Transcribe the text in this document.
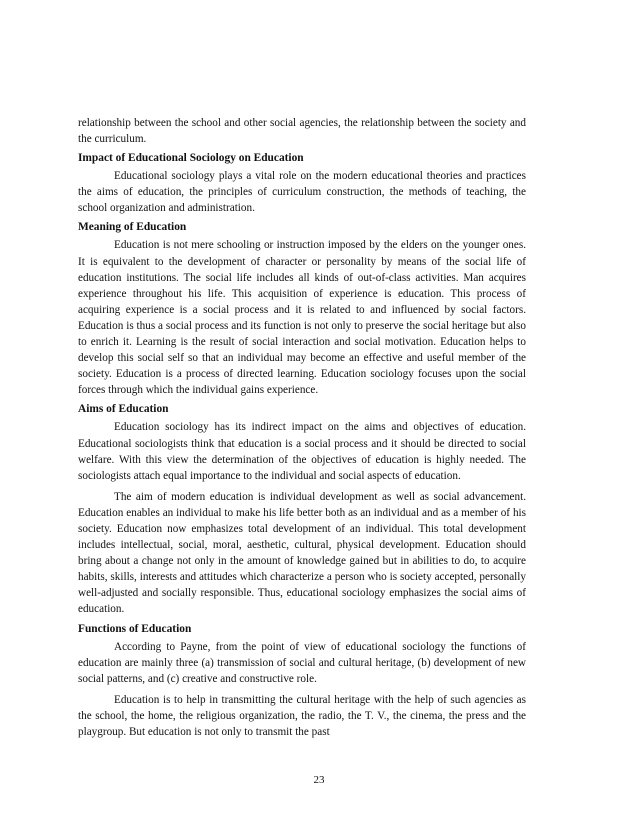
relationship between the school and other social agencies, the relationship between the society and the curriculum.

Impact of Educational Sociology on Education

Educational sociology plays a vital role on the modern educational theories and practices the aims of education, the principles of curriculum construction, the methods of teaching, the school organization and administration.

Meaning of Education

Education is not mere schooling or instruction imposed by the elders on the younger ones. It is equivalent to the development of character or personality by means of the social life of education institutions. The social life includes all kinds of out-of-class activities. Man acquires experience throughout his life. This acquisition of experience is education. This process of acquiring experience is a social process and it is related to and influenced by social factors. Education is thus a social process and its function is not only to preserve the social heritage but also to enrich it. Learning is the result of social interaction and social motivation. Education helps to develop this social self so that an individual may become an effective and useful member of the society. Education is a process of directed learning. Education sociology focuses upon the social forces through which the individual gains experience.

Aims of Education

Education sociology has its indirect impact on the aims and objectives of education. Educational sociologists think that education is a social process and it should be directed to social welfare. With this view the determination of the objectives of education is highly needed. The sociologists attach equal importance to the individual and social aspects of education.

The aim of modern education is individual development as well as social advancement. Education enables an individual to make his life better both as an individual and as a member of his society. Education now emphasizes total development of an individual. This total development includes intellectual, social, moral, aesthetic, cultural, physical development. Education should bring about a change not only in the amount of knowledge gained but in abilities to do, to acquire habits, skills, interests and attitudes which characterize a person who is society accepted, personally well-adjusted and socially responsible. Thus, educational sociology emphasizes the social aims of education.

Functions of Education

According to Payne, from the point of view of educational sociology the functions of education are mainly three (a) transmission of social and cultural heritage, (b) development of new social patterns, and (c) creative and constructive role.

Education is to help in transmitting the cultural heritage with the help of such agencies as the school, the home, the religious organization, the radio, the T. V., the cinema, the press and the playgroup. But education is not only to transmit the past

23
